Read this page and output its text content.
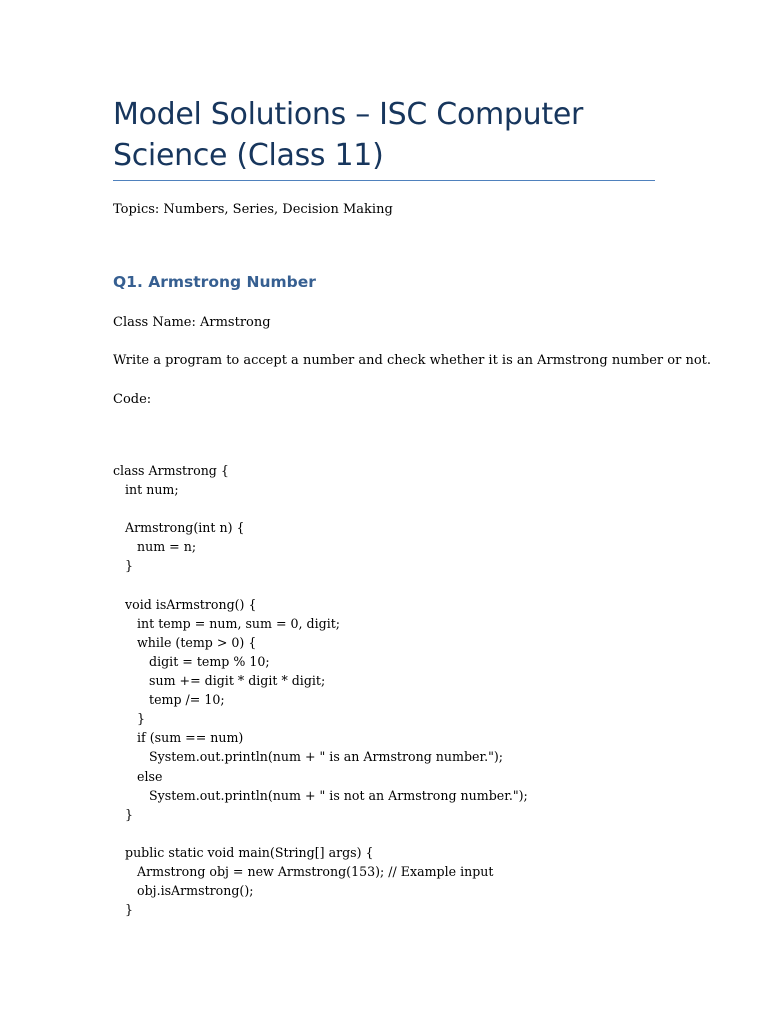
Model Solutions – ISC Computer Science (Class 11)

Topics: Numbers, Series, Decision Making

Q1. Armstrong Number

Class Name: Armstrong

Write a program to accept a number and check whether it is an Armstrong number or not.

Code:

class Armstrong {
int num;
Armstrong(int n) {
num = n;
}
void isArmstrong() {
int temp = num, sum = 0, digit;
while (temp > 0) {
digit = temp % 10;
sum += digit * digit * digit;
temp /= 10;
}
if (sum == num)
System.out.println(num + " is an Armstrong number.");
else
System.out.println(num + " is not an Armstrong number.");
}
public static void main(String[] args) {
Armstrong obj = new Armstrong(153); // Example input
obj.isArmstrong();
}
